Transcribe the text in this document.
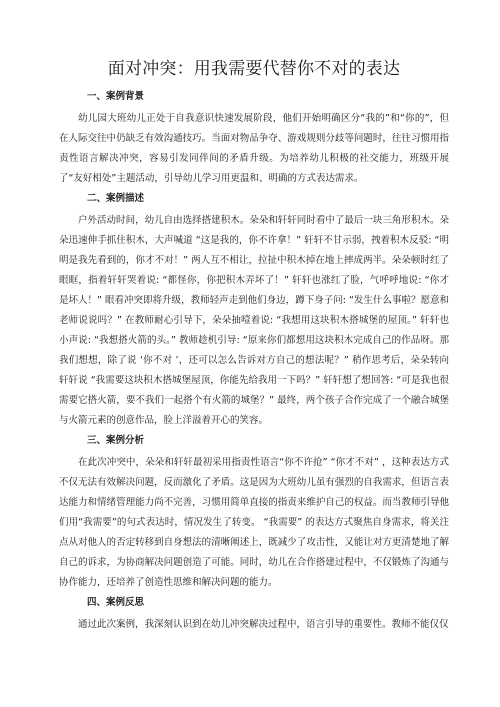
面对冲突：用我需要代替你不对的表达
一、案例背景

幼儿园大班幼儿正处于自我意识快速发展阶段，他们开始明确区分“我的”和“你的”，但在人际交往中仍缺乏有效沟通技巧。当面对物品争夺、游戏规则分歧等问题时，往往习惯用指责性语言解决冲突，容易引发同伴间的矛盾升级。为培养幼儿积极的社交能力，班级开展了“友好相处”主题活动，引导幼儿学习用更温和、明确的方式表达需求。

二、案例描述

户外活动时间，幼儿自由选择搭建积木。朵朵和轩轩同时看中了最后一块三角形积木。朵朵迅速伸手抓住积木，大声喊道 “这是我的，你不许拿！” 轩轩不甘示弱，拽着积木反驳: “明明是我先看到的，你才不对！” 两人互不相让，拉扯中积木掉在地上摔成两半。朵朵顿时红了眼眶，指着轩轩哭着说: “都怪你，你把积木弄坏了！” 轩轩也涨红了脸，气呼呼地说: “你才是坏人！” 眼看冲突即将升级，教师轻声走到他们身边，蹲下身子问: “发生什么事啦？愿意和老师说说吗？” 在教师耐心引导下，朵朵抽噎着说: “我想用这块积木搭城堡的屋顶。” 轩轩也小声说: “我想搭火箭的头。” 教师趁机引导: “原来你们都想用这块积木完成自己的作品呀。那我们想想，除了说 ‘你不对 ’，还可以怎么告诉对方自己的想法呢？” 稍作思考后，朵朵转向轩轩说 “我需要这块积木搭城堡屋顶，你能先给我用一下吗？” 轩轩想了想回答: “可是我也很需要它搭火箭，要不我们一起搭个有火箭的城堡？” 最终，两个孩子合作完成了一个融合城堡与火箭元素的创意作品，脸上洋溢着开心的笑容。

三、案例分析

在此次冲突中，朵朵和轩轩最初采用指责性语言“你不许抢” “你才不对” ，这种表达方式不仅无法有效解决问题，反而激化了矛盾。这是因为大班幼儿虽有强烈的自我需求，但语言表达能力和情绪管理能力尚不完善，习惯用简单直接的指责来维护自己的权益。而当教师引导他们用“我需要”的句式表达时，情况发生了转变。 “我需要” 的表达方式聚焦自身需求，将关注点从对他人的否定转移到自身想法的清晰阐述上，既减少了攻击性，又能让对方更清楚地了解自己的诉求，为协商解决问题创造了可能。同时，幼儿在合作搭建过程中，不仅锻炼了沟通与协作能力，还培养了创造性思维和解决问题的能力。

四、案例反思

通过此次案例，我深刻认识到在幼儿冲突解决过程中，语言引导的重要性。教师不能仅仅
